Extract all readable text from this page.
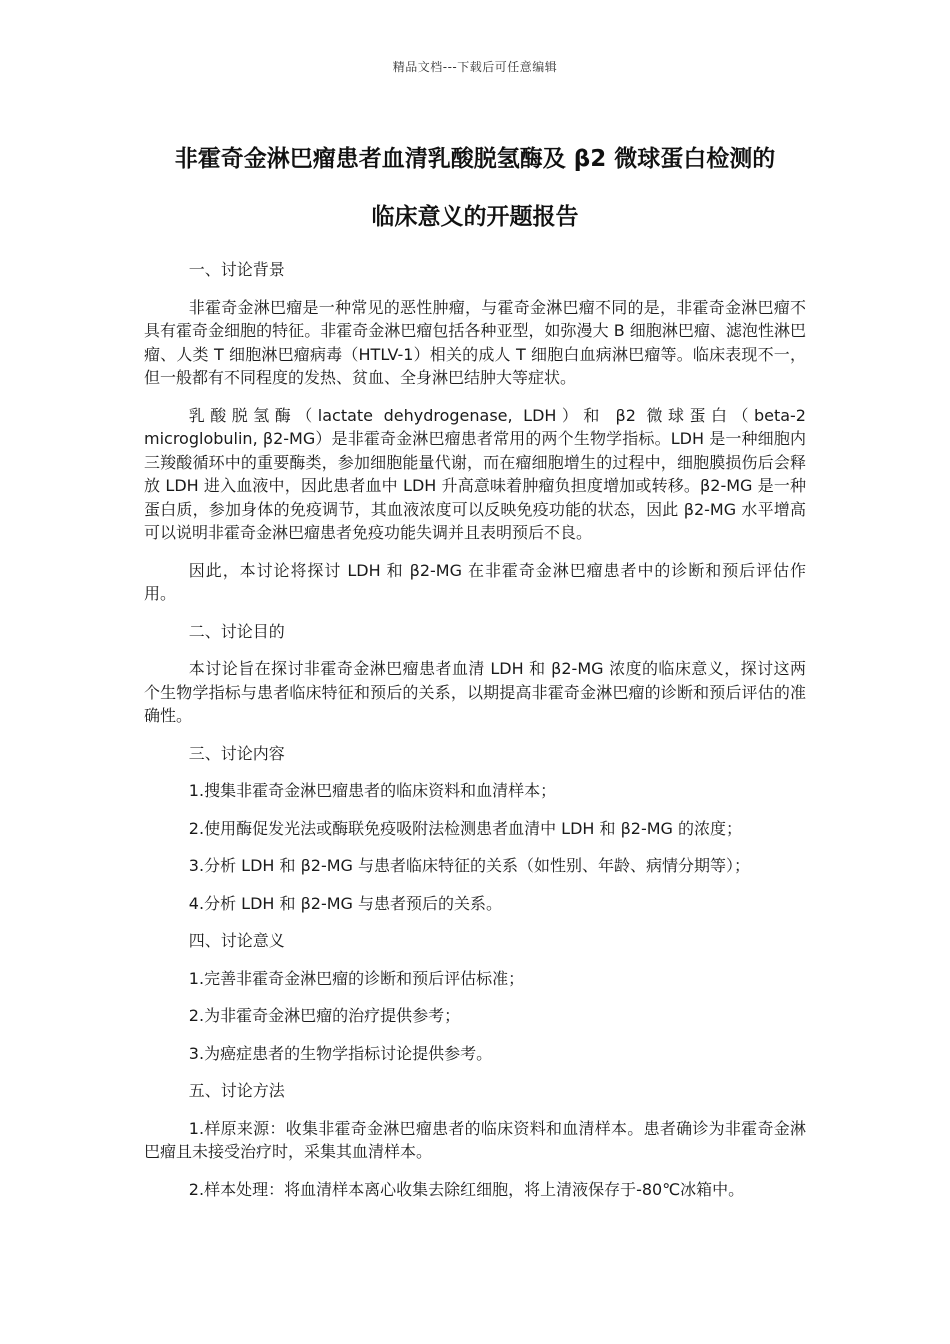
精品文档---下载后可任意编辑
非霍奇金淋巴瘤患者血清乳酸脱氢酶及 β2 微球蛋白检测的
临床意义的开题报告

一、讨论背景

非霍奇金淋巴瘤是一种常见的恶性肿瘤，与霍奇金淋巴瘤不同的是，非霍奇金淋巴瘤不具有霍奇金细胞的特征。非霍奇金淋巴瘤包括各种亚型，如弥漫大 B 细胞淋巴瘤、滤泡性淋巴瘤、人类 T 细胞淋巴瘤病毒（HTLV-1）相关的成人 T 细胞白血病淋巴瘤等。临床表现不一，但一般都有不同程度的发热、贫血、全身淋巴结肿大等症状。

乳酸脱氢酶（lactate dehydrogenase, LDH）和 β2 微球蛋白（beta-2 microglobulin, β2-MG）是非霍奇金淋巴瘤患者常用的两个生物学指标。LDH 是一种细胞内三羧酸循环中的重要酶类，参加细胞能量代谢，而在瘤细胞增生的过程中，细胞膜损伤后会释放 LDH 进入血液中，因此患者血中 LDH 升高意味着肿瘤负担度增加或转移。β2-MG 是一种蛋白质，参加身体的免疫调节，其血液浓度可以反映免疫功能的状态，因此 β2-MG 水平增高可以说明非霍奇金淋巴瘤患者免疫功能失调并且表明预后不良。

因此，本讨论将探讨 LDH 和 β2-MG 在非霍奇金淋巴瘤患者中的诊断和预后评估作用。

二、讨论目的

本讨论旨在探讨非霍奇金淋巴瘤患者血清 LDH 和 β2-MG 浓度的临床意义，探讨这两个生物学指标与患者临床特征和预后的关系，以期提高非霍奇金淋巴瘤的诊断和预后评估的准确性。

三、讨论内容

1.搜集非霍奇金淋巴瘤患者的临床资料和血清样本；

2.使用酶促发光法或酶联免疫吸附法检测患者血清中 LDH 和 β2-MG 的浓度；

3.分析 LDH 和 β2-MG 与患者临床特征的关系（如性别、年龄、病情分期等）；

4.分析 LDH 和 β2-MG 与患者预后的关系。

四、讨论意义

1.完善非霍奇金淋巴瘤的诊断和预后评估标准；

2.为非霍奇金淋巴瘤的治疗提供参考；

3.为癌症患者的生物学指标讨论提供参考。

五、讨论方法

1.样原来源：收集非霍奇金淋巴瘤患者的临床资料和血清样本。患者确诊为非霍奇金淋巴瘤且未接受治疗时，采集其血清样本。

2.样本处理：将血清样本离心收集去除红细胞，将上清液保存于-80℃冰箱中。
